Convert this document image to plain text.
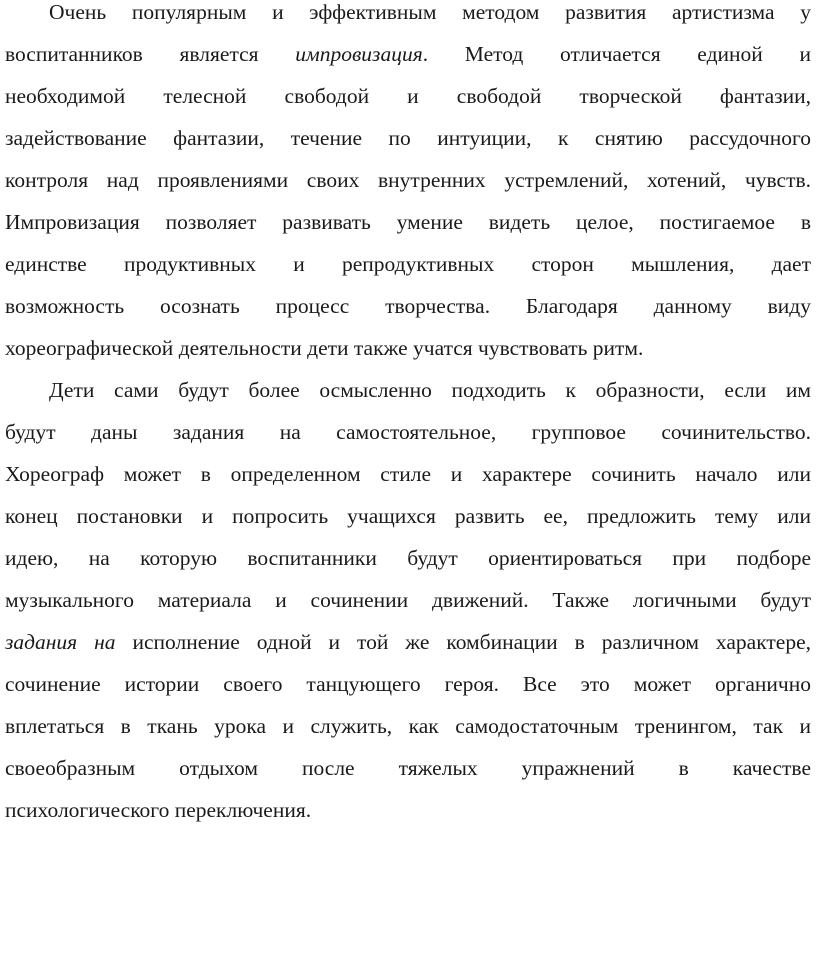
Очень популярным и эффективным методом развития артистизма у
воспитанников является импровизация. Метод отличается единой и
необходимой телесной свободой и свободой творческой фантазии,
задействование фантазии, течение по интуиции, к снятию рассудочного
контроля над проявлениями своих внутренних устремлений, хотений, чувств.
Импровизация позволяет развивать умение видеть целое, постигаемое в
единстве продуктивных и репродуктивных сторон мышления, дает
возможность осознать процесс творчества. Благодаря данному виду
хореографической деятельности дети также учатся чувствовать ритм.
Дети сами будут более осмысленно подходить к образности, если им
будут даны задания на самостоятельное, групповое сочинительство.
Хореограф может в определенном стиле и характере сочинить начало или
конец постановки и попросить учащихся развить ее, предложить тему или
идею, на которую воспитанники будут ориентироваться при подборе
музыкального материала и сочинении движений. Также логичными будут
задания на исполнение одной и той же комбинации в различном характере,
сочинение истории своего танцующего героя. Все это может органично
вплетаться в ткань урока и служить, как самодостаточным тренингом, так и
своеобразным отдыхом после тяжелых упражнений в качестве
психологического переключения.
